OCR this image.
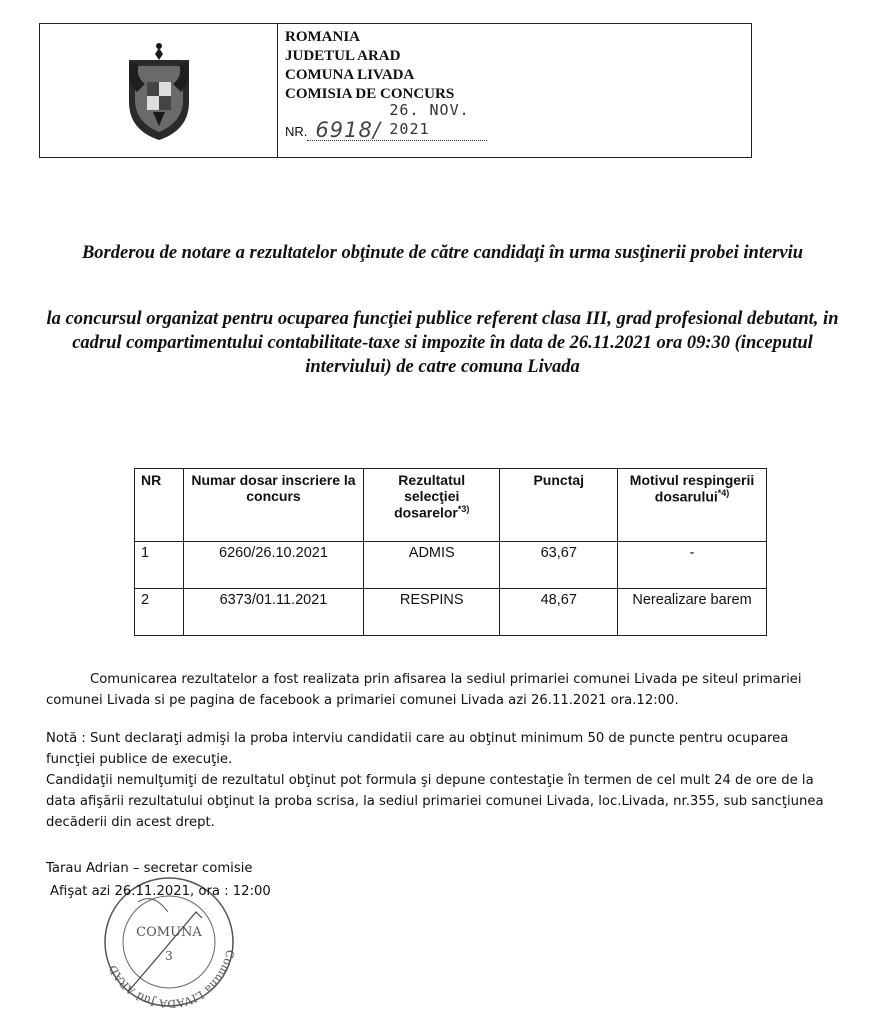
ROMANIA
JUDETUL ARAD
COMUNA LIVADA
COMISIA DE CONCURS
NR. 6918/
26. NOV. 2021
Borderou de notare a rezultatelor obţinute de către candidaţi în urma susţinerii probei interviu
la concursul organizat pentru ocuparea funcţiei publice referent clasa III, grad profesional debutant, in cadrul compartimentului contabilitate-taxe si impozite în data de 26.11.2021 ora 09:30 (inceputul interviului) de catre comuna Livada
NR	Numar dosar inscriere la concurs	Rezultatul selecţiei dosarelor$^{*3)}$	Punctaj	Motivul respingerii dosarului$^{*4)}$
1	6260/26.10.2021	ADMIS	63,67	-
2	6373/01.11.2021	RESPINS	48,67	Nerealizare barem
Comunicarea rezultatelor a fost realizata prin afisarea la sediul primariei comunei Livada pe siteul primariei comunei Livada si pe pagina de facebook a primariei comunei Livada azi 26.11.2021 ora.12:00.
Notă : Sunt declaraţi admişi la proba interviu candidatii care au obţinut minimum 50 de puncte pentru ocuparea funcţiei publice de execuţie.
Candidaţii nemulţumiţi de rezultatul obţinut pot formula şi depune contestaţie în termen de cel mult 24 de ore de la data afişării rezultatului obţinut la proba scrisa, la sediul primariei comunei Livada, loc.Livada, nr.355, sub sancţiunea decăderii din acest drept.
Comuna LIVADA Jud ARAD
COMUNA
3
Tarau Adrian – secretar comisie
Afişat azi 26.11.2021, ora : 12:00
